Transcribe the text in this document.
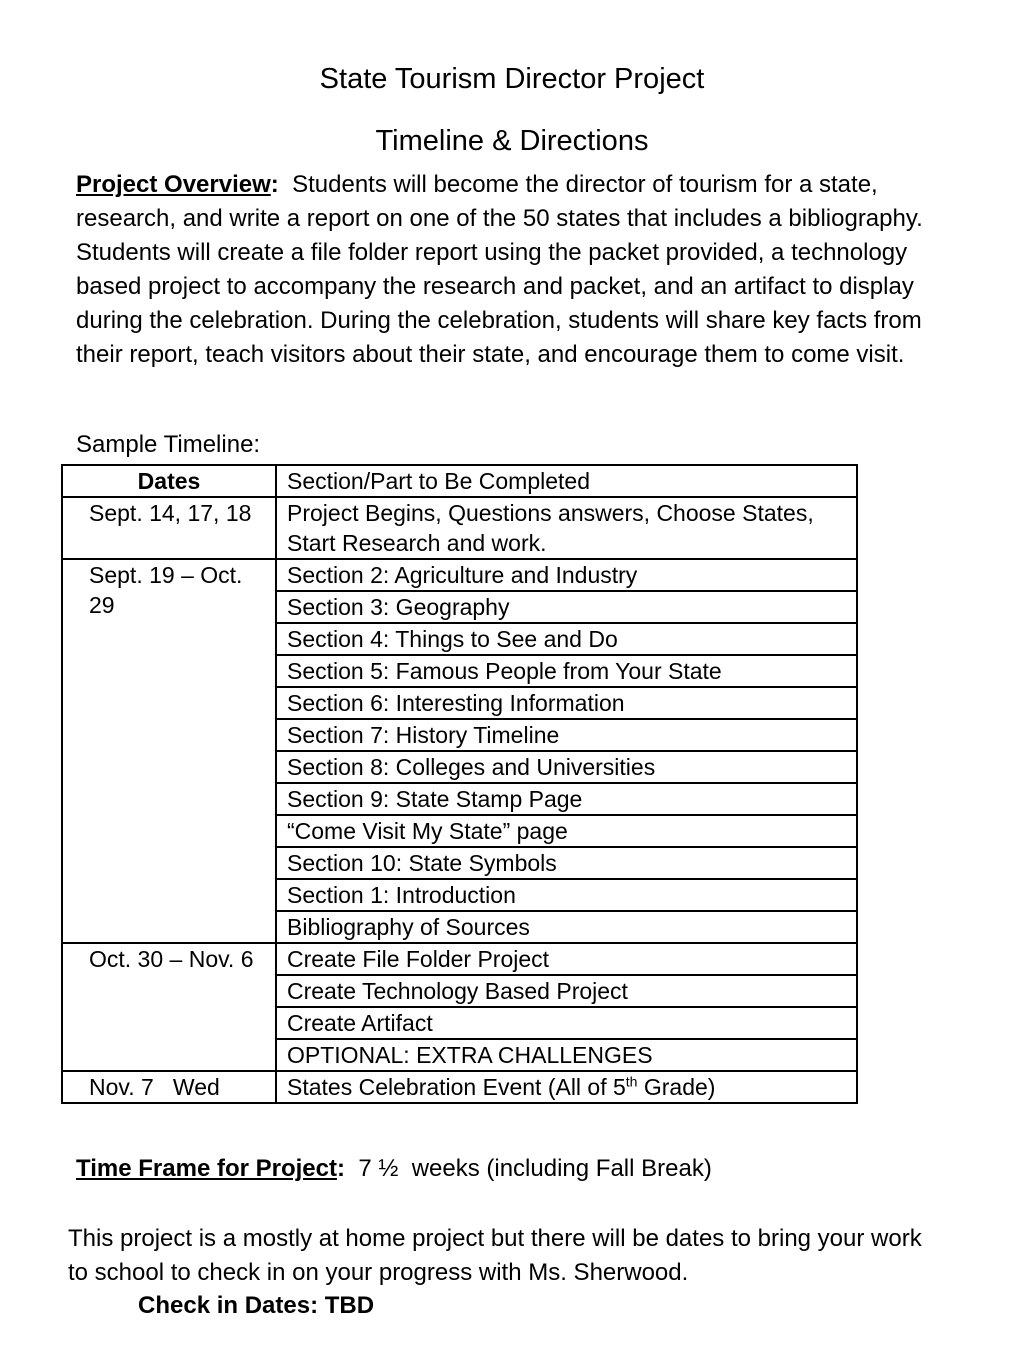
State Tourism Director Project
Timeline & Directions
Project Overview: Students will become the director of tourism for a state, research, and write a report on one of the 50 states that includes a bibliography. Students will create a file folder report using the packet provided, a technology based project to accompany the research and packet, and an artifact to display during the celebration. During the celebration, students will share key facts from their report, teach visitors about their state, and encourage them to come visit.
Sample Timeline:
Dates	Section/Part to Be Completed
Sept. 14, 17, 18	Project Begins, Questions answers, Choose States, Start Research and work.
Sept. 19 – Oct. 29	Section 2: Agriculture and Industry
	Section 3: Geography
	Section 4: Things to See and Do
	Section 5: Famous People from Your State
	Section 6: Interesting Information
	Section 7: History Timeline
	Section 8: Colleges and Universities
	Section 9: State Stamp Page
	“Come Visit My State” page
	Section 10: State Symbols
	Section 1: Introduction
	Bibliography of Sources
Oct. 30 – Nov. 6	Create File Folder Project
	Create Technology Based Project
	Create Artifact
	OPTIONAL: EXTRA CHALLENGES
Nov. 7   Wed	States Celebration Event (All of 5th Grade)
Time Frame for Project:  7 ½  weeks (including Fall Break)
This project is a mostly at home project but there will be dates to bring your work to school to check in on your progress with Ms. Sherwood.
Check in Dates: TBD
